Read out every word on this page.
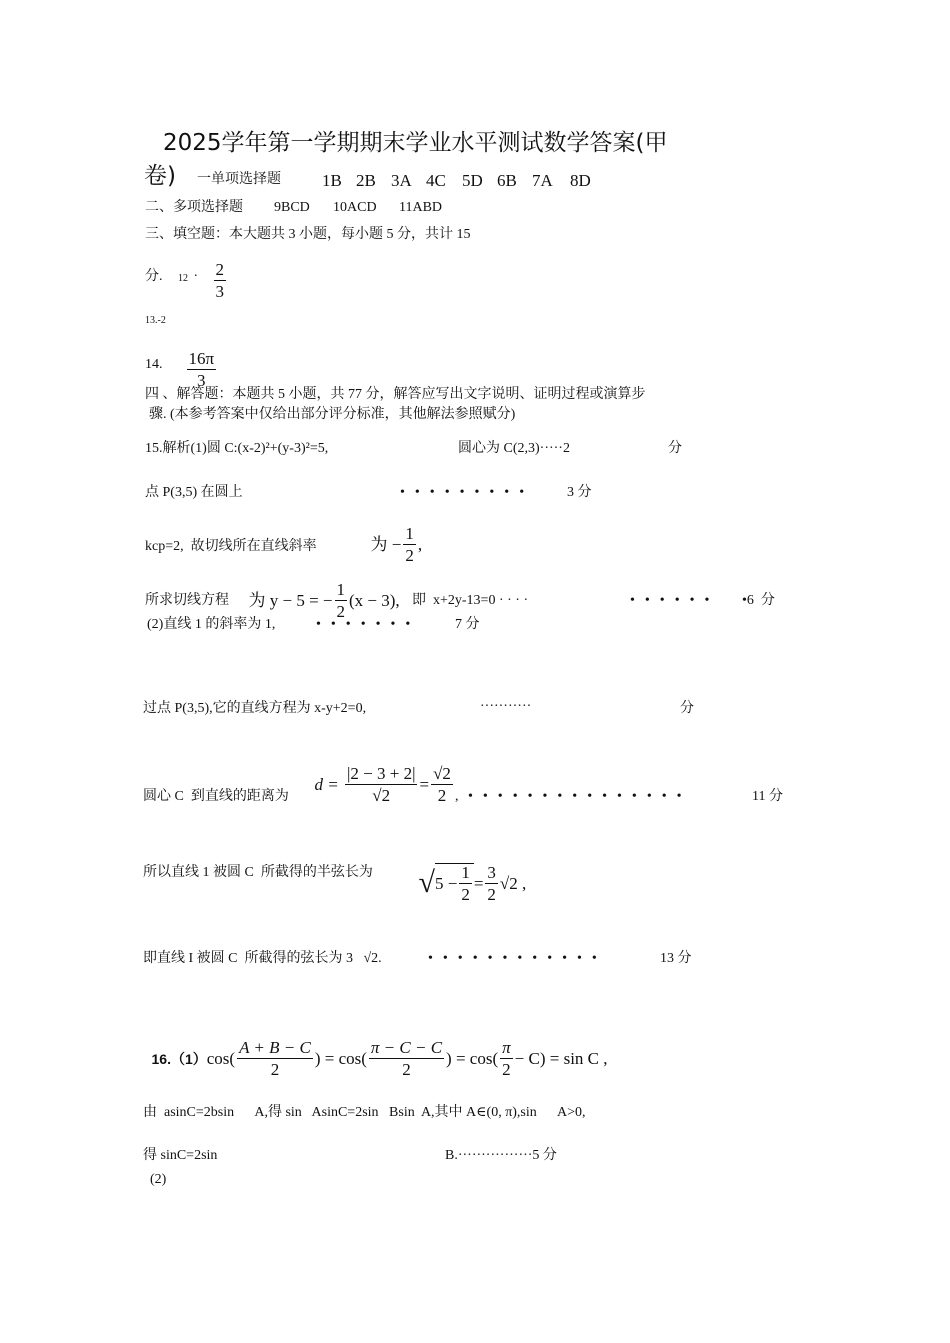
2025学年第一学期期末学业水平测试数学答案(甲
卷) 一单项选择题 1B 2B 3A 4C 5D 6B 7A 8D
二、多项选择题 9BCD 10ACD 11ABD
三、填空题：本大题共 3 小题，每小题 5 分，共计 15
分. 12 .

$\frac{2}{3}$

13.-2
14.

$\frac{16\pi}{3}$

四 、解答题：本题共 5 小题，共 77 分，解答应写出文字说明、证明过程或演算步
骤. (本参考答案中仅给出部分评分标准，其他解法参照赋分)
15.解析(1)圆 C:(x-2)²+(y-3)²=5,	圆心为 C(2,3)·····2	分
点 P(3,5) 在圆上	••••••••• 3 分
kcp=2,  故切线所在直线斜率

	为 − $\frac{1}{2}$ ,

所求切线方程

为 y − 5 = − $\frac{1}{2} (x - 3)$, 即  x+2y-13=0 · · · ·	•••••• •6  分
(2)直线 1 的斜率为 1,	••••••• 7 分
过点 P(3,5),它的直线方程为 x-y+2=0,	···········	分
圆心 C  到直线的距离为

d =
$\frac{|2 - 3 + 2|}{√2} = \frac{√2}{2}$ , •••••••••••••••	11 分
所以直线 1 被圆 C  所截得的半弦长为

√ $5 - \frac{1}{2} = \frac{3}{2} √2$ ,

即直线 I 被圆 C  所截得的弦长为 3   √2.	••••••••••••	13 分

16.（1） $\cos( \frac{A + B - C}{2}$ ) = $\cos( \frac{\pi - C - C}{2}$ ) = $\cos( \frac{\pi}{2} - C) = \sin C$ ,

由  asinC=2bsin      A,得 sin   AsinC=2sin   Bsin  A,其中 A∈(0, π),sin      A>0,
得 sinC=2sin	B.················5 分
(2)
